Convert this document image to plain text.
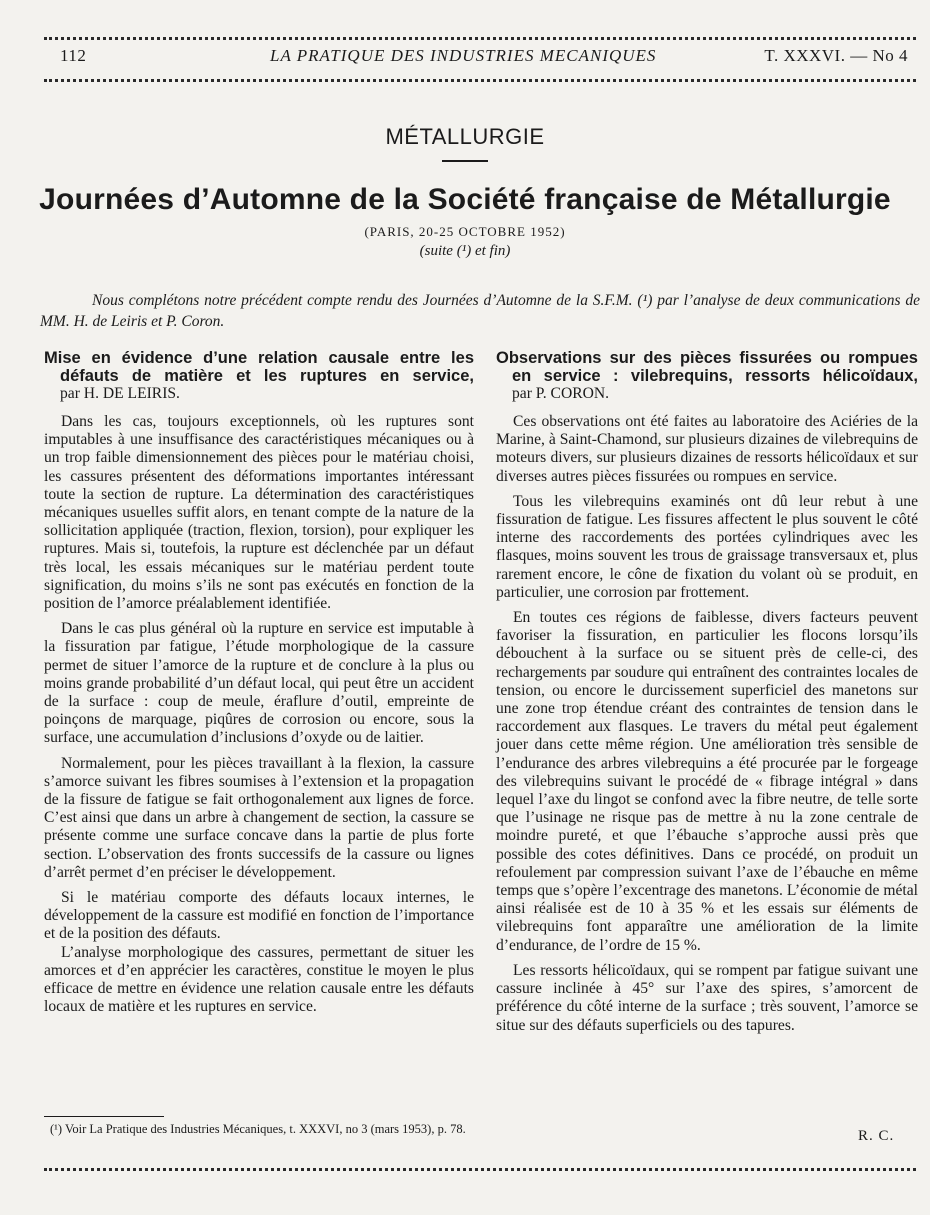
112	LA PRATIQUE DES INDUSTRIES MECANIQUES	T. XXXVI. — No 4
MÉTALLURGIE
Journées d’Automne de la Société française de Métallurgie
(PARIS, 20-25 OCTOBRE 1952)
(suite (¹) et fin)
Nous complétons notre précédent compte rendu des Journées d’Automne de la S.F.M. (¹) par l’analyse de deux communications de MM. H. de Leiris et P. Coron.
Mise en évidence d’une relation causale entre les
défauts de matière et les ruptures en service,
par H. DE LEIRIS.

Dans les cas, toujours exceptionnels, où les ruptures sont imputables à une insuffisance des caractéristiques mécaniques ou à un trop faible dimensionnement des pièces pour le matériau choisi, les cassures présentent des déformations importantes intéressant toute la section de rupture. La détermination des caractéristiques mécaniques usuelles suffit alors, en tenant compte de la nature de la sollicitation appliquée (traction, flexion, torsion), pour expliquer les ruptures. Mais si, toutefois, la rupture est déclenchée par un défaut très local, les essais mécaniques sur le matériau perdent toute signification, du moins s’ils ne sont pas exécutés en fonction de la position de l’amorce préalablement identifiée.

Dans le cas plus général où la rupture en service est imputable à la fissuration par fatigue, l’étude morphologique de la cassure permet de situer l’amorce de la rupture et de conclure à la plus ou moins grande probabilité d’un défaut local, qui peut être un accident de la surface : coup de meule, éraflure d’outil, empreinte de poinçons de marquage, piqûres de corrosion ou encore, sous la surface, une accumulation d’inclusions d’oxyde ou de laitier.

Normalement, pour les pièces travaillant à la flexion, la cassure s’amorce suivant les fibres soumises à l’extension et la propagation de la fissure de fatigue se fait orthogonalement aux lignes de force. C’est ainsi que dans un arbre à changement de section, la cassure se présente comme une surface concave dans la partie de plus forte section. L’observation des fronts successifs de la cassure ou lignes d’arrêt permet d’en préciser le développement.

Si le matériau comporte des défauts locaux internes, le développement de la cassure est modifié en fonction de l’importance et de la position des défauts.

L’analyse morphologique des cassures, permettant de situer les amorces et d’en apprécier les caractères, constitue le moyen le plus efficace de mettre en évidence une relation causale entre les défauts locaux de matière et les ruptures en service.

Observations sur des pièces fissurées ou rompues
en service : vilebrequins, ressorts hélicoïdaux,
par P. CORON.

Ces observations ont été faites au laboratoire des Aciéries de la Marine, à Saint-Chamond, sur plusieurs dizaines de vilebrequins de moteurs divers, sur plusieurs dizaines de ressorts hélicoïdaux et sur diverses autres pièces fissurées ou rompues en service.

Tous les vilebrequins examinés ont dû leur rebut à une fissuration de fatigue. Les fissures affectent le plus souvent le côté interne des raccordements des portées cylindriques avec les flasques, moins souvent les trous de graissage transversaux et, plus rarement encore, le cône de fixation du volant où se produit, en particulier, une corrosion par frottement.

En toutes ces régions de faiblesse, divers facteurs peuvent favoriser la fissuration, en particulier les flocons lorsqu’ils débouchent à la surface ou se situent près de celle-ci, des rechargements par soudure qui entraînent des contraintes locales de tension, ou encore le durcissement superficiel des manetons sur une zone trop étendue créant des contraintes de tension dans le raccordement aux flasques. Le travers du métal peut également jouer dans cette même région. Une amélioration très sensible de l’endurance des arbres vilebrequins a été procurée par le forgeage des vilebrequins suivant le procédé de « fibrage intégral » dans lequel l’axe du lingot se confond avec la fibre neutre, de telle sorte que l’usinage ne risque pas de mettre à nu la zone centrale de moindre pureté, et que l’ébauche s’approche aussi près que possible des cotes définitives. Dans ce procédé, on produit un refoulement par compression suivant l’axe de l’ébauche en même temps que s’opère l’excentrage des manetons. L’économie de métal ainsi réalisée est de 10 à 35 % et les essais sur éléments de vilebrequins font apparaître une amélioration de la limite d’endurance, de l’ordre de 15 %.

Les ressorts hélicoïdaux, qui se rompent par fatigue suivant une cassure inclinée à 45° sur l’axe des spires, s’amorcent de préférence du côté interne de la surface ; très souvent, l’amorce se situe sur des défauts superficiels ou des tapures.

(¹) Voir La Pratique des Industries Mécaniques, t. XXXVI, no 3 (mars 1953), p. 78.	R. C.
